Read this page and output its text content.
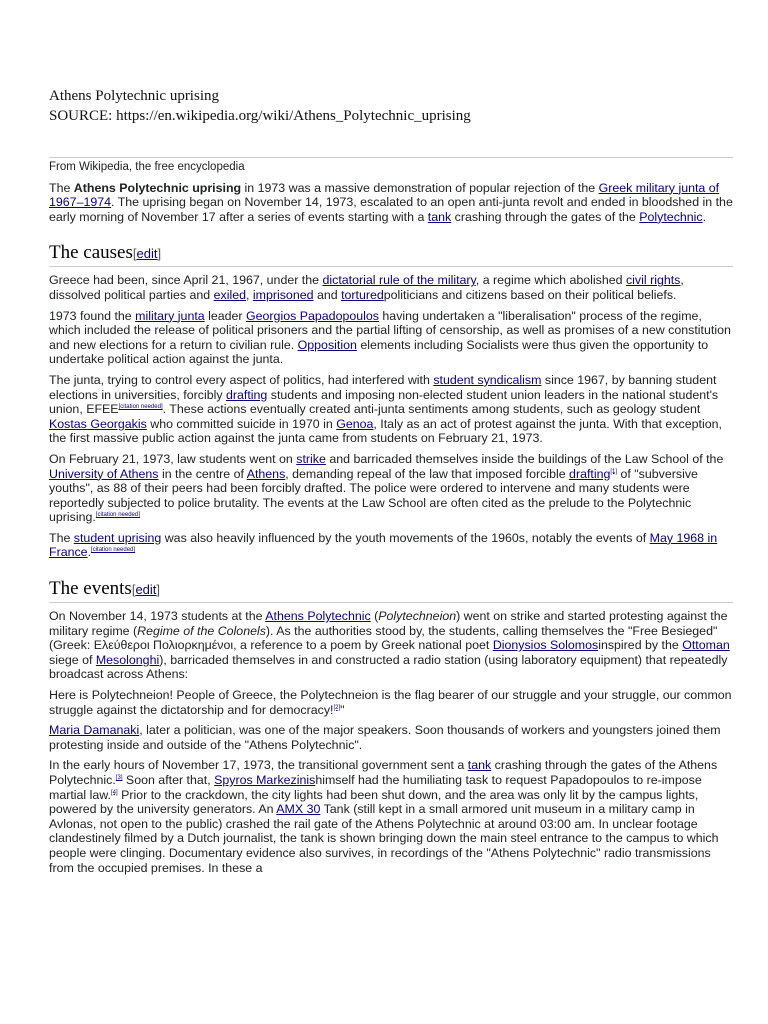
Athens Polytechnic uprising
SOURCE: https://en.wikipedia.org/wiki/Athens_Polytechnic_uprising
From Wikipedia, the free encyclopedia

The Athens Polytechnic uprising in 1973 was a massive demonstration of popular rejection of the Greek military junta of 1967–1974. The uprising began on November 14, 1973, escalated to an open anti-junta revolt and ended in bloodshed in the early morning of November 17 after a series of events starting with a tank crashing through the gates of the Polytechnic.

The causes[edit]

Greece had been, since April 21, 1967, under the dictatorial rule of the military, a regime which abolished civil rights, dissolved political parties and exiled, imprisoned and torturedpoliticians and citizens based on their political beliefs.

1973 found the military junta leader Georgios Papadopoulos having undertaken a "liberalisation" process of the regime, which included the release of political prisoners and the partial lifting of censorship, as well as promises of a new constitution and new elections for a return to civilian rule. Opposition elements including Socialists were thus given the opportunity to undertake political action against the junta.

The junta, trying to control every aspect of politics, had interfered with student syndicalism since 1967, by banning student elections in universities, forcibly drafting students and imposing non-elected student union leaders in the national student's union, EFEE[citation needed]. These actions eventually created anti-junta sentiments among students, such as geology student Kostas Georgakis who committed suicide in 1970 in Genoa, Italy as an act of protest against the junta. With that exception, the first massive public action against the junta came from students on February 21, 1973.

On February 21, 1973, law students went on strike and barricaded themselves inside the buildings of the Law School of the University of Athens in the centre of Athens, demanding repeal of the law that imposed forcible drafting[1] of "subversive youths", as 88 of their peers had been forcibly drafted. The police were ordered to intervene and many students were reportedly subjected to police brutality. The events at the Law School are often cited as the prelude to the Polytechnic uprising.[citation needed]

The student uprising was also heavily influenced by the youth movements of the 1960s, notably the events of May 1968 in France.[citation needed]

The events[edit]

On November 14, 1973 students at the Athens Polytechnic (Polytechneion) went on strike and started protesting against the military regime (Regime of the Colonels). As the authorities stood by, the students, calling themselves the "Free Besieged" (Greek: Ελεύθεροι Πολιορκημένοι, a reference to a poem by Greek national poet Dionysios Solomosinspired by the Ottoman siege of Mesolonghi), barricaded themselves in and constructed a radio station (using laboratory equipment) that repeatedly broadcast across Athens:

Here is Polytechneion! People of Greece, the Polytechneion is the flag bearer of our struggle and your struggle, our common struggle against the dictatorship and for democracy![2]"

Maria Damanaki, later a politician, was one of the major speakers. Soon thousands of workers and youngsters joined them protesting inside and outside of the "Athens Polytechnic".

In the early hours of November 17, 1973, the transitional government sent a tank crashing through the gates of the Athens Polytechnic.[3] Soon after that, Spyros Markezinishimself had the humiliating task to request Papadopoulos to re-impose martial law.[4] Prior to the crackdown, the city lights had been shut down, and the area was only lit by the campus lights, powered by the university generators. An AMX 30 Tank (still kept in a small armored unit museum in a military camp in Avlonas, not open to the public) crashed the rail gate of the Athens Polytechnic at around 03:00 am. In unclear footage clandestinely filmed by a Dutch journalist, the tank is shown bringing down the main steel entrance to the campus to which people were clinging. Documentary evidence also survives, in recordings of the "Athens Polytechnic" radio transmissions from the occupied premises. In these a
